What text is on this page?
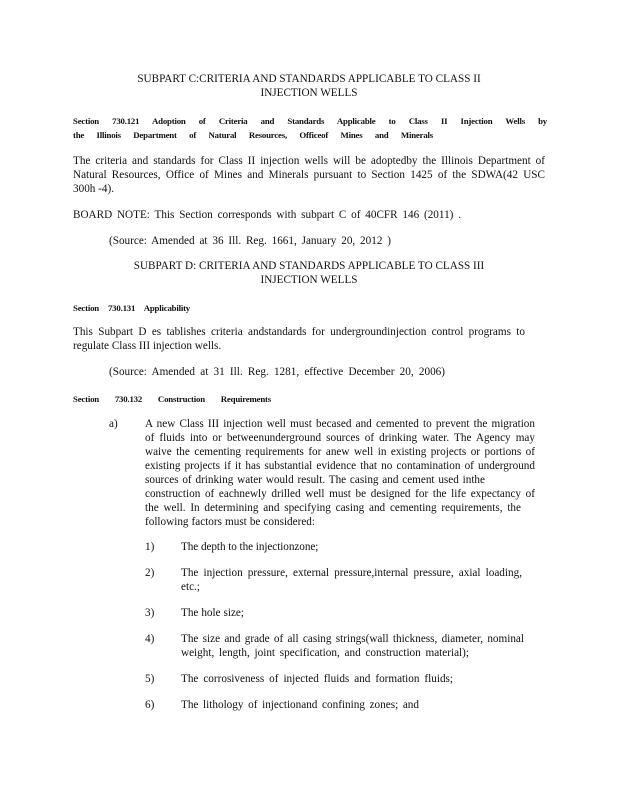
SUBPART C:CRITERIA AND STANDARDS APPLICABLE TO CLASS II
INJECTION WELLS
Section 730.121 Adoption of Criteria and Standards Applicable to Class II Injection Wells by
the Illinois Department of Natural Resources, Officeof Mines and Minerals
The criteria and standards for Class II injection wells will be adoptedby the Illinois Department of
Natural Resources, Office of Mines and Minerals pursuant to Section 1425 of the SDWA(42 USC
300h -4).
BOARD NOTE: This Section corresponds with subpart C of 40CFR 146 (2011) .
(Source: Amended at 36 Ill. Reg. 1661, January 20, 2012 )
SUBPART D: CRITERIA AND STANDARDS APPLICABLE TO CLASS III
INJECTION WELLS
Section 730.131 Applicability
This Subpart D es tablishes criteria andstandards for undergroundinjection control programs to
regulate Class III injection wells.
(Source: Amended at 31 Ill. Reg. 1281, effective December 20, 2006)
Section 730.132 Construction Requirements
a) A new Class III injection well must becased and cemented to prevent the migration
of fluids into or betweenunderground sources of drinking water. The Agency may
waive the cementing requirements for anew well in existing projects or portions of
existing projects if it has substantial evidence that no contamination of underground
sources of drinking water would result. The casing and cement used inthe
construction of eachnewly drilled well must be designed for the life expectancy of
the well. In determining and specifying casing and cementing requirements, the
following factors must be considered:
1) The depth to the injectionzone;
2) The injection pressure, external pressure,internal pressure, axial loading,
etc.;
3) The hole size;
4) The size and grade of all casing strings(wall thickness, diameter, nominal
weight, length, joint specification, and construction material);
5) The corrosiveness of injected fluids and formation fluids;
6) The lithology of injectionand confining zones; and
